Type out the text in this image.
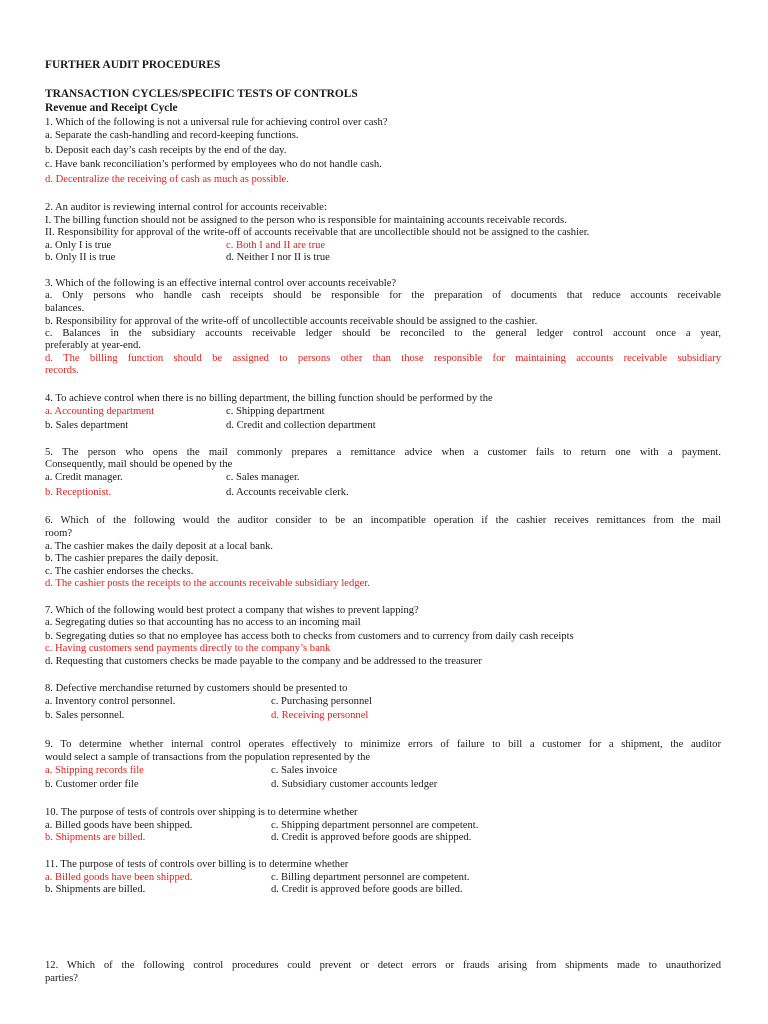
FURTHER AUDIT PROCEDURES
TRANSACTION CYCLES/SPECIFIC TESTS OF CONTROLS
Revenue and Receipt Cycle
1. Which of the following is not a universal rule for achieving control over cash?
a. Separate the cash-handling and record-keeping functions.
b. Deposit each day’s cash receipts by the end of the day.
c. Have bank reconciliation’s performed by employees who do not handle cash.
d. Decentralize the receiving of cash as much as possible.
2. An auditor is reviewing internal control for accounts receivable:
I. The billing function should not be assigned to the person who is responsible for maintaining accounts receivable records.
II. Responsibility for approval of the write-off of accounts receivable that are uncollectible should not be assigned to the cashier.
a. Only I is true	c. Both I and II are true
b. Only II is true	d. Neither I nor II is true
3. Which of the following is an effective internal control over accounts receivable?
a. Only persons who handle cash receipts should be responsible for the preparation of documents that reduce accounts receivable
balances.
b. Responsibility for approval of the write-off of uncollectible accounts receivable should be assigned to the cashier.
c. Balances in the subsidiary accounts receivable ledger should be reconciled to the general ledger control account once a year,
preferably at year-end.
d. The billing function should be assigned to persons other than those responsible for maintaining accounts receivable subsidiary
records.
4. To achieve control when there is no billing department, the billing function should be performed by the
a. Accounting department	c. Shipping department
b. Sales department	d. Credit and collection department
5. The person who opens the mail commonly prepares a remittance advice when a customer fails to return one with a payment.
Consequently, mail should be opened by the
a. Credit manager.	c. Sales manager.
b. Receptionist.	d. Accounts receivable clerk.
6. Which of the following would the auditor consider to be an incompatible operation if the cashier receives remittances from the mail
room?
a. The cashier makes the daily deposit at a local bank.
b. The cashier prepares the daily deposit.
c. The cashier endorses the checks.
d. The cashier posts the receipts to the accounts receivable subsidiary ledger.
7. Which of the following would best protect a company that wishes to prevent lapping?
a. Segregating duties so that accounting has no access to an incoming mail
b. Segregating duties so that no employee has access both to checks from customers and to currency from daily cash receipts
c. Having customers send payments directly to the company’s bank
d. Requesting that customers checks be made payable to the company and be addressed to the treasurer
8. Defective merchandise returned by customers should be presented to
a. Inventory control personnel.	c. Purchasing personnel
b. Sales personnel.	d. Receiving personnel
9. To determine whether internal control operates effectively to minimize errors of failure to bill a customer for a shipment, the auditor
would select a sample of transactions from the population represented by the
a. Shipping records file	c. Sales invoice
b. Customer order file	d. Subsidiary customer accounts ledger
10. The purpose of tests of controls over shipping is to determine whether
a. Billed goods have been shipped.	c. Shipping department personnel are competent.
b. Shipments are billed.	d. Credit is approved before goods are shipped.
11. The purpose of tests of controls over billing is to determine whether
a. Billed goods have been shipped.	c. Billing department personnel are competent.
b. Shipments are billed.	d. Credit is approved before goods are billed.
12. Which of the following control procedures could prevent or detect errors or frauds arising from shipments made to unauthorized
parties?
